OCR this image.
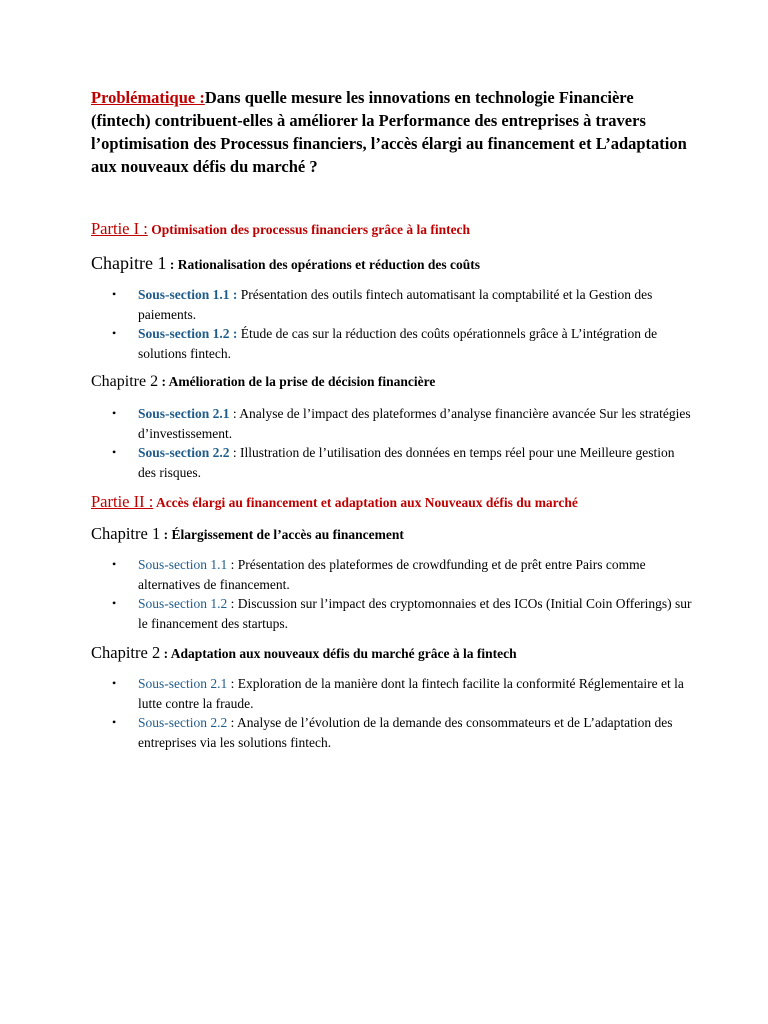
Problématique :Dans quelle mesure les innovations en technologie Financière (fintech) contribuent-elles à améliorer la Performance des entreprises à travers l’optimisation des Processus financiers, l’accès élargi au financement et L’adaptation aux nouveaux défis du marché ?
Partie I : Optimisation des processus financiers grâce à la fintech
Chapitre 1 : Rationalisation des opérations et réduction des coûts
• Sous-section 1.1 : Présentation des outils fintech automatisant la comptabilité et la Gestion des paiements.
• Sous-section 1.2 : Étude de cas sur la réduction des coûts opérationnels grâce à L’intégration de solutions fintech.
Chapitre 2 : Amélioration de la prise de décision financière
• Sous-section 2.1 : Analyse de l’impact des plateformes d’analyse financière avancée Sur les stratégies d’investissement.
• Sous-section 2.2 : Illustration de l’utilisation des données en temps réel pour une Meilleure gestion des risques.
Partie II : Accès élargi au financement et adaptation aux Nouveaux défis du marché
Chapitre 1 : Élargissement de l’accès au financement
• Sous-section 1.1 : Présentation des plateformes de crowdfunding et de prêt entre Pairs comme alternatives de financement.
• Sous-section 1.2 : Discussion sur l’impact des cryptomonnaies et des ICOs (Initial Coin Offerings) sur le financement des startups.
Chapitre 2 : Adaptation aux nouveaux défis du marché grâce à la fintech
• Sous-section 2.1 : Exploration de la manière dont la fintech facilite la conformité Réglementaire et la lutte contre la fraude.
• Sous-section 2.2 : Analyse de l’évolution de la demande des consommateurs et de L’adaptation des entreprises via les solutions fintech.
